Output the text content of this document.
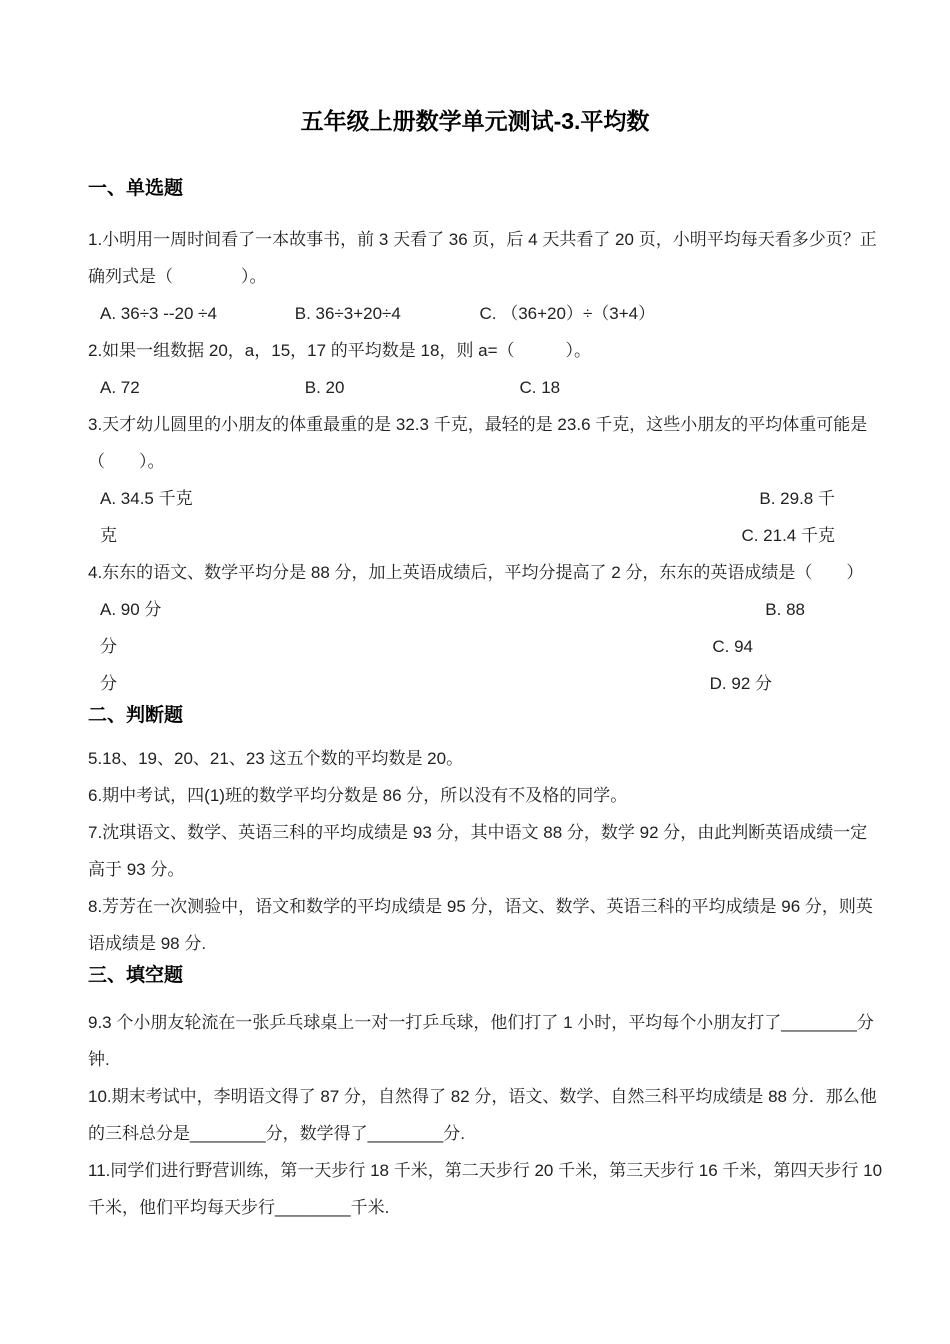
五年级上册数学单元测试-3.平均数
一、单选题
1.小明用一周时间看了一本故事书，前 3 天看了 36 页，后 4 天共看了 20 页，小明平均每天看多少页？正
确列式是（　　　　）。
A. 36÷3 --20 ÷4	B. 36÷3+20÷4	C. （36+20）÷（3+4）
2.如果一组数据 20，a，15，17 的平均数是 18，则 a=（　　　）。
A. 72	B. 20	C. 18
3.天才幼儿圆里的小朋友的体重最重的是 32.3 千克，最轻的是 23.6 千克，这些小朋友的平均体重可能是
（　　）。
A. 34.5 千克	B. 29.8 千
克	C. 21.4 千克
4.东东的语文、数学平均分是 88 分，加上英语成绩后，平均分提高了 2 分，东东的英语成绩是（　　）
A. 90 分	B. 88
分	C. 94
分	D. 92 分
二、判断题
5.18、19、20、21、23 这五个数的平均数是 20。
6.期中考试，四(1)班的数学平均分数是 86 分，所以没有不及格的同学。
7.沈琪语文、数学、英语三科的平均成绩是 93 分，其中语文 88 分，数学 92 分，由此判断英语成绩一定
高于 93 分。
8.芳芳在一次测验中，语文和数学的平均成绩是 95 分，语文、数学、英语三科的平均成绩是 96 分，则英
语成绩是 98 分.
三、填空题
9.3 个小朋友轮流在一张乒乓球桌上一对一打乒乓球，他们打了 1 小时，平均每个小朋友打了________分
钟.
10.期末考试中，李明语文得了 87 分，自然得了 82 分，语文、数学、自然三科平均成绩是 88 分．那么他
的三科总分是________分，数学得了________分.
11.同学们进行野营训练，第一天步行 18 千米，第二天步行 20 千米，第三天步行 16 千米，第四天步行 10
千米，他们平均每天步行________千米.
